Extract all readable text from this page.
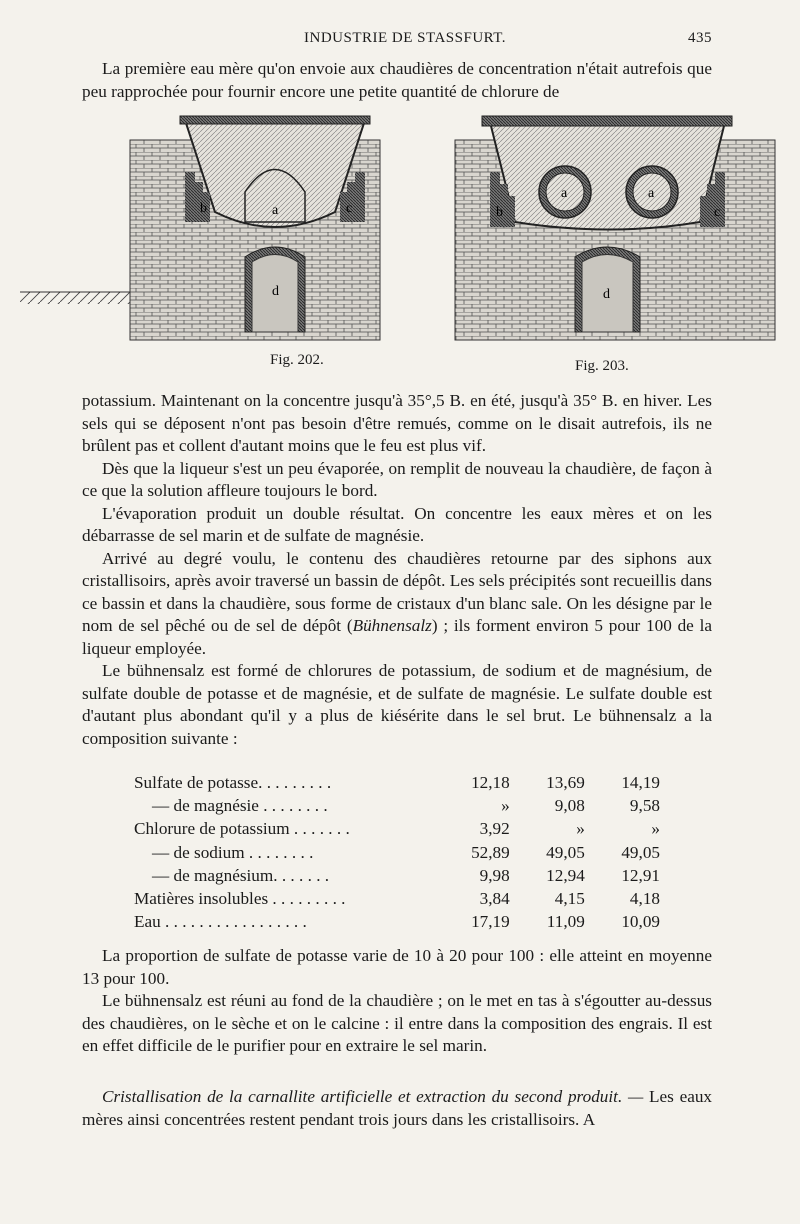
INDUSTRIE DE STASSFURT.	435

La première eau mère qu'on envoie aux chaudières de concentration n'était autrefois que peu rapprochée pour fournir encore une petite quantité de chlorure de

b	a	c
d
b
a	a
c
d
Fig. 202.	Fig. 203.

potassium. Maintenant on la concentre jusqu'à 35°,5 B. en été, jusqu'à 35° B. en hiver. Les sels qui se déposent n'ont pas besoin d'être remués, comme on le disait autrefois, ils ne brûlent pas et collent d'autant moins que le feu est plus vif.

Dès que la liqueur s'est un peu évaporée, on remplit de nouveau la chaudière, de façon à ce que la solution affleure toujours le bord.

L'évaporation produit un double résultat. On concentre les eaux mères et on les débarrasse de sel marin et de sulfate de magnésie.

Arrivé au degré voulu, le contenu des chaudières retourne par des siphons aux cristallisoirs, après avoir traversé un bassin de dépôt. Les sels précipités sont recueillis dans ce bassin et dans la chaudière, sous forme de cristaux d'un blanc sale. On les désigne par le nom de sel pêché ou de sel de dépôt (Bühnensalz) ; ils forment environ 5 pour 100 de la liqueur employée.

Le bühnensalz est formé de chlorures de potassium, de sodium et de magnésium, de sulfate double de potasse et de magnésie, et de sulfate de magnésie. Le sulfate double est d'autant plus abondant qu'il y a plus de kiésérite dans le sel brut. Le bühnensalz a la composition suivante :

Sulfate de potasse. . . . . . . . .	12,18	13,69	14,19
— de magnésie . . . . . . . .	»	9,08	9,58
Chlorure de potassium . . . . . . .	3,92	»	»
— de sodium . . . . . . . .	52,89	49,05	49,05
— de magnésium. . . . . . .	9,98	12,94	12,91
Matières insolubles . . . . . . . . .	3,84	4,15	4,18
Eau . . . . . . . . . . . . . . . . .	17,19	11,09	10,09

La proportion de sulfate de potasse varie de 10 à 20 pour 100 : elle atteint en moyenne 13 pour 100.

Le bühnensalz est réuni au fond de la chaudière ; on le met en tas à s'égoutter au-dessus des chaudières, on le sèche et on le calcine : il entre dans la composition des engrais. Il est en effet difficile de le purifier pour en extraire le sel marin.

Cristallisation de la carnallite artificielle et extraction du second produit. — Les eaux mères ainsi concentrées restent pendant trois jours dans les cristallisoirs. A
